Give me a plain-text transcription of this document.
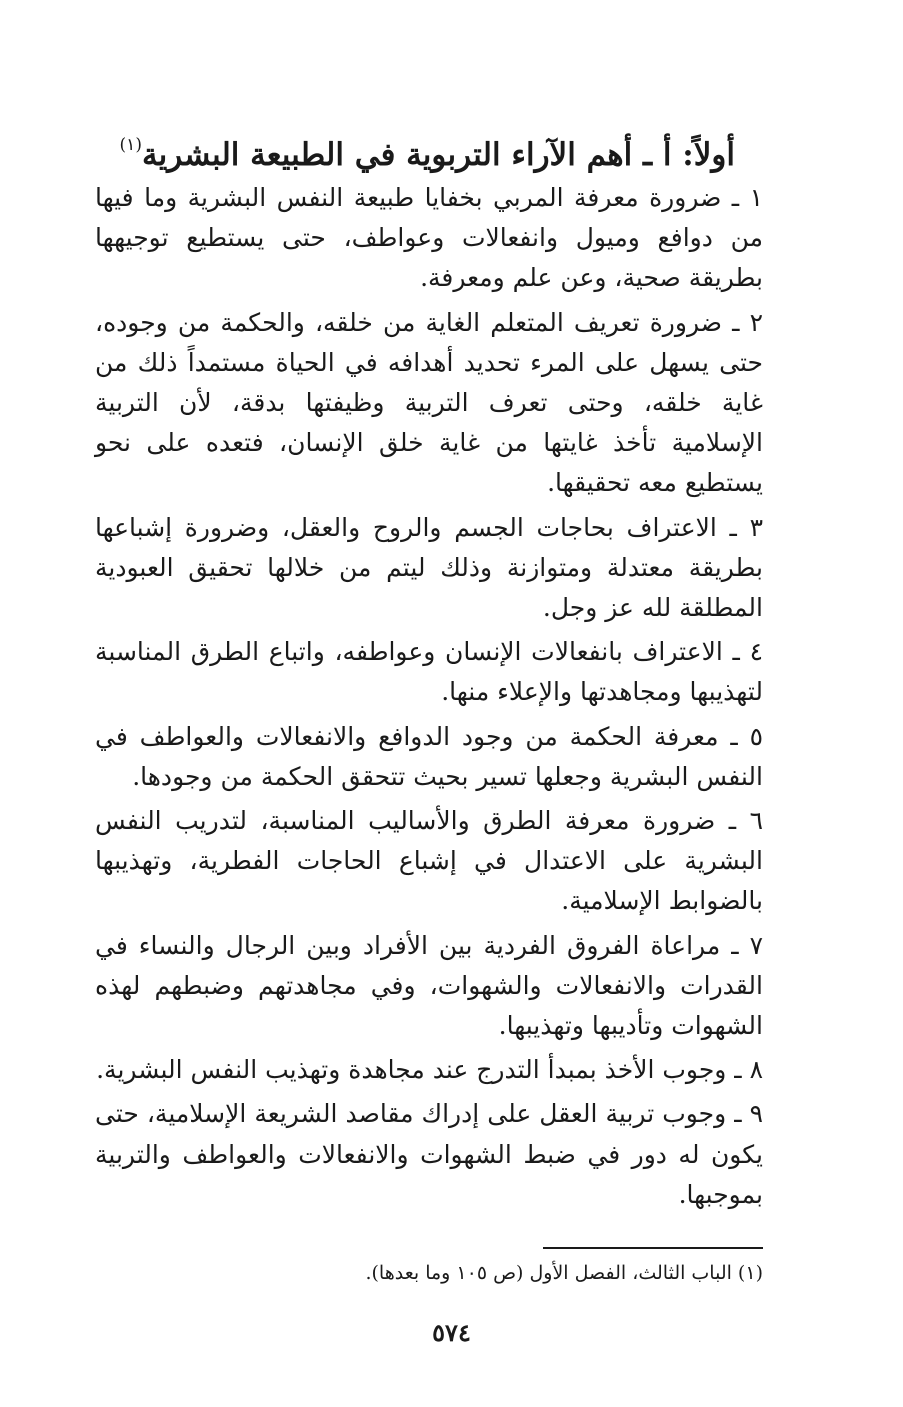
أولاً: أ ـ أهم الآراء التربوية في الطبيعة البشرية$^{(١)}$

١ ـ ضرورة معرفة المربي بخفايا طبيعة النفس البشرية وما فيها من دوافع وميول وانفعالات وعواطف، حتى يستطيع توجيهها بطريقة صحية، وعن علم ومعرفة.

٢ ـ ضرورة تعريف المتعلم الغاية من خلقه، والحكمة من وجوده، حتى يسهل على المرء تحديد أهدافه في الحياة مستمداً ذلك من غاية خلقه، وحتى تعرف التربية وظيفتها بدقة، لأن التربية الإسلامية تأخذ غايتها من غاية خلق الإنسان، فتعده على نحو يستطيع معه تحقيقها.

٣ ـ الاعتراف بحاجات الجسم والروح والعقل، وضرورة إشباعها بطريقة معتدلة ومتوازنة وذلك ليتم من خلالها تحقيق العبودية المطلقة لله عز وجل.

٤ ـ الاعتراف بانفعالات الإنسان وعواطفه، واتباع الطرق المناسبة لتهذيبها ومجاهدتها والإعلاء منها.

٥ ـ معرفة الحكمة من وجود الدوافع والانفعالات والعواطف في النفس البشرية وجعلها تسير بحيث تتحقق الحكمة من وجودها.

٦ ـ ضرورة معرفة الطرق والأساليب المناسبة، لتدريب النفس البشرية على الاعتدال في إشباع الحاجات الفطرية، وتهذيبها بالضوابط الإسلامية.

٧ ـ مراعاة الفروق الفردية بين الأفراد وبين الرجال والنساء في القدرات والانفعالات والشهوات، وفي مجاهدتهم وضبطهم لهذه الشهوات وتأديبها وتهذيبها.

٨ ـ وجوب الأخذ بمبدأ التدرج عند مجاهدة وتهذيب النفس البشرية.

٩ ـ وجوب تربية العقل على إدراك مقاصد الشريعة الإسلامية، حتى يكون له دور في ضبط الشهوات والانفعالات والعواطف والتربية بموجبها.

(١) الباب الثالث، الفصل الأول (ص ١٠٥ وما بعدها).
٥٧٤
